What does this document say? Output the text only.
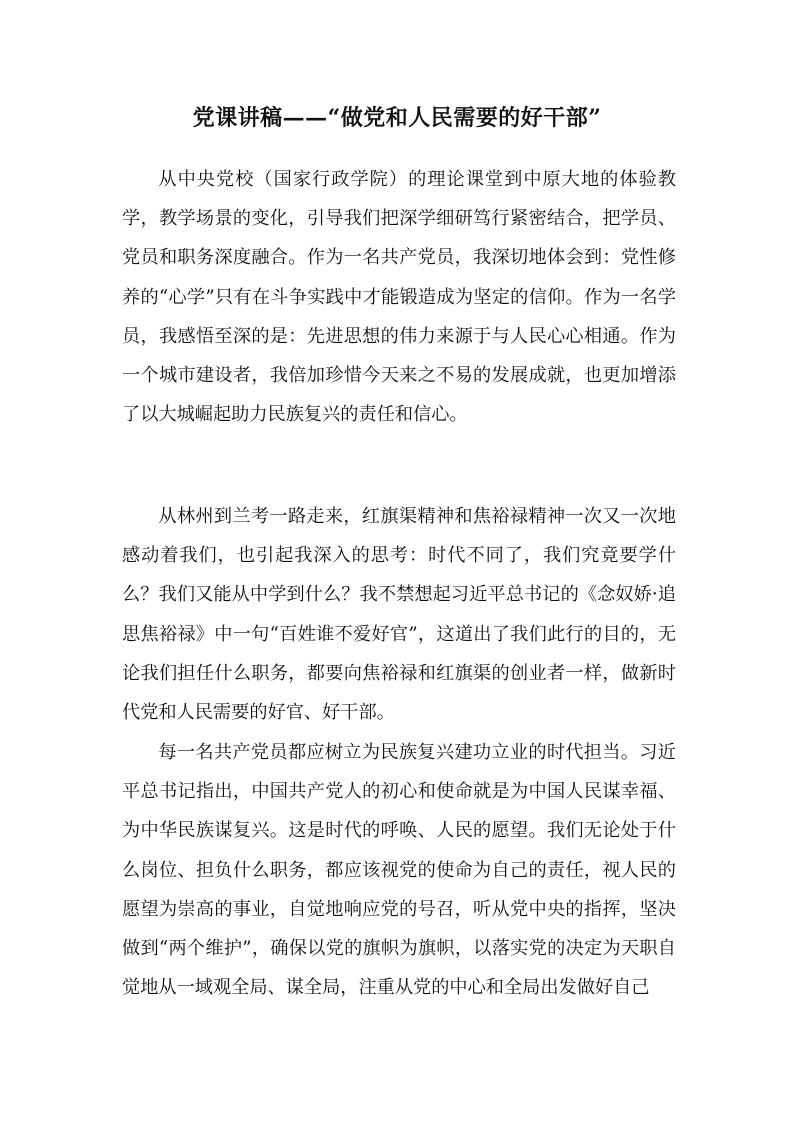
党课讲稿——“做党和人民需要的好干部”

从中央党校（国家行政学院）的理论课堂到中原大地的体验教学，教学场景的变化，引导我们把深学细研笃行紧密结合，把学员、党员和职务深度融合。作为一名共产党员，我深切地体会到：党性修养的“心学”只有在斗争实践中才能锻造成为坚定的信仰。作为一名学员，我感悟至深的是：先进思想的伟力来源于与人民心心相通。作为一个城市建设者，我倍加珍惜今天来之不易的发展成就，也更加增添了以大城崛起助力民族复兴的责任和信心。

从林州到兰考一路走来，红旗渠精神和焦裕禄精神一次又一次地感动着我们，也引起我深入的思考：时代不同了，我们究竟要学什么？我们又能从中学到什么？我不禁想起习近平总书记的《念奴娇·追思焦裕禄》中一句“百姓谁不爱好官”，这道出了我们此行的目的，无论我们担任什么职务，都要向焦裕禄和红旗渠的创业者一样，做新时代党和人民需要的好官、好干部。

每一名共产党员都应树立为民族复兴建功立业的时代担当。习近平总书记指出，中国共产党人的初心和使命就是为中国人民谋幸福、为中华民族谋复兴。这是时代的呼唤、人民的愿望。我们无论处于什么岗位、担负什么职务，都应该视党的使命为自己的责任，视人民的愿望为崇高的事业，自觉地响应党的号召，听从党中央的指挥，坚决做到“两个维护”，确保以党的旗帜为旗帜，以落实党的决定为天职自觉地从一域观全局、谋全局，注重从党的中心和全局出发做好自己
